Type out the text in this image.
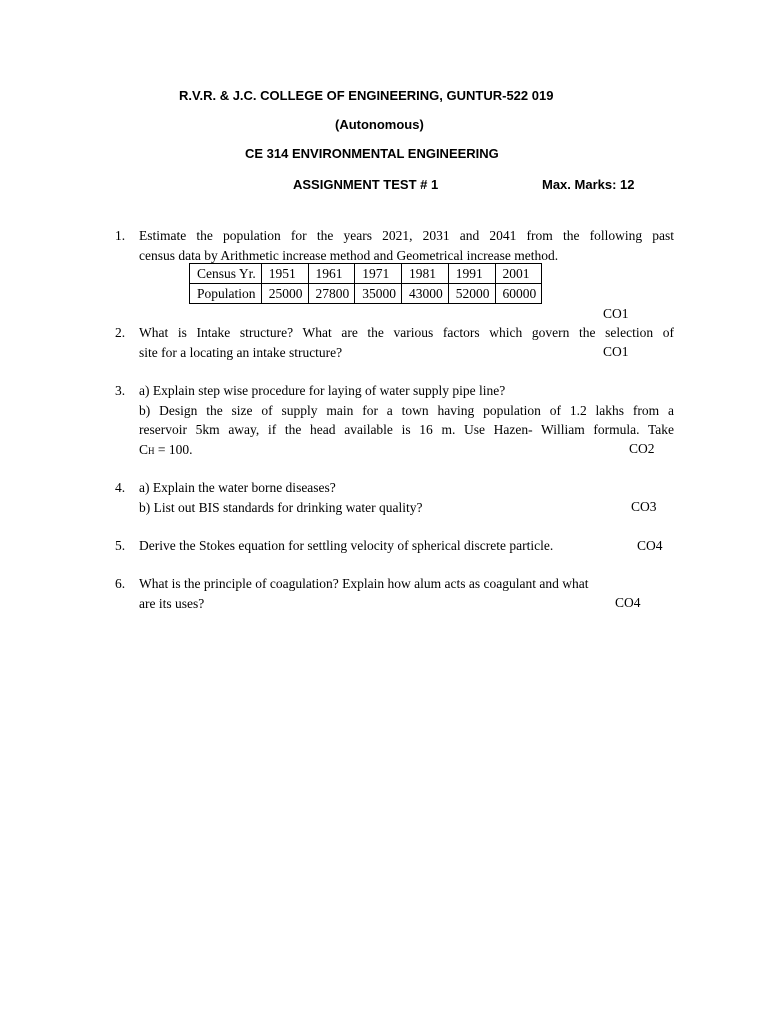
R.V.R. & J.C. COLLEGE OF ENGINEERING, GUNTUR-522 019
(Autonomous)
CE 314 ENVIRONMENTAL ENGINEERING
ASSIGNMENT TEST # 1	Max. Marks: 12
1.	Estimate the population for the years 2021, 2031 and 2041 from the following past
census data by Arithmetic increase method and Geometrical increase method.
Census Yr.	1951	1961	1971	1981	1991	2001
Population	25000	27800	35000	43000	52000	60000
CO1
2.	What is Intake structure? What are the various factors which govern the selection of
site for a locating an intake structure?	CO1
3.	a) Explain step wise procedure for laying of water supply pipe line?
b) Design the size of supply main for a town having population of 1.2 lakhs from a
reservoir 5km away, if the head available is 16 m. Use Hazen- William formula. Take
CH = 100.	CO2
4.	a) Explain the water borne diseases?
b) List out BIS standards for drinking water quality?	CO3
5.	Derive the Stokes equation for settling velocity of spherical discrete particle.	CO4
6.	What is the principle of coagulation? Explain how alum acts as coagulant and what
are its uses?	CO4
